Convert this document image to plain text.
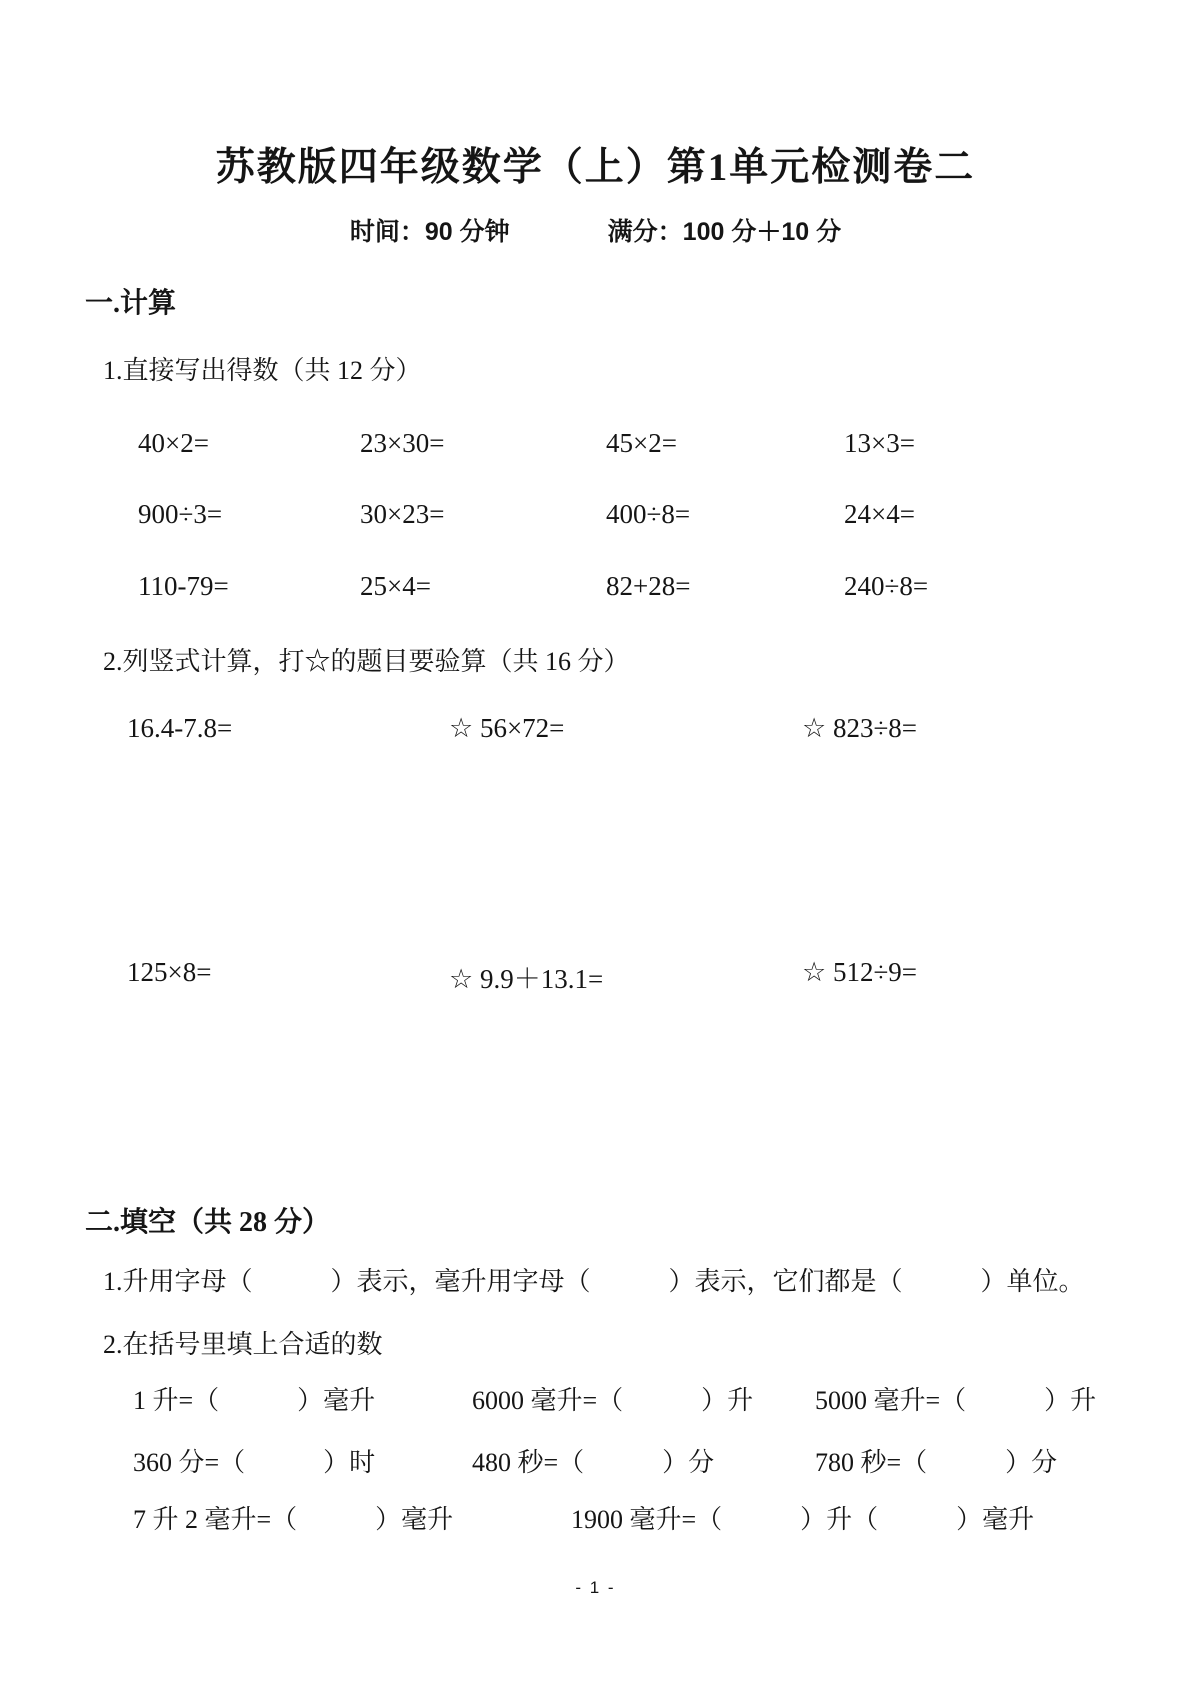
苏教版四年级数学（上）第1单元检测卷二
时间：90 分钟	满分：100 分＋10 分
一.计算
1.直接写出得数（共 12 分）
40×2=	23×30=	45×2=	13×3=
900÷3=	30×23=	400÷8=	24×4=
110-79=	25×4=	82+28=	240÷8=
2.列竖式计算，打☆的题目要验算（共 16 分）
16.4-7.8=	☆ 56×72=	☆ 823÷8=
125×8=	☆ 9.9＋13.1=	☆ 512÷9=
二.填空（共 28 分）
1.升用字母（　　　）表示，毫升用字母（　　　）表示，它们都是（　　　）单位。
2.在括号里填上合适的数
1 升=（　　　）毫升	6000 毫升=（　　　）升	5000 毫升=（　　　）升
360 分=（　　　）时	480 秒=（　　　）分	780 秒=（　　　）分
7 升 2 毫升=（　　　）毫升	1900 毫升=（　　　）升（　　　）毫升
- 1 -
